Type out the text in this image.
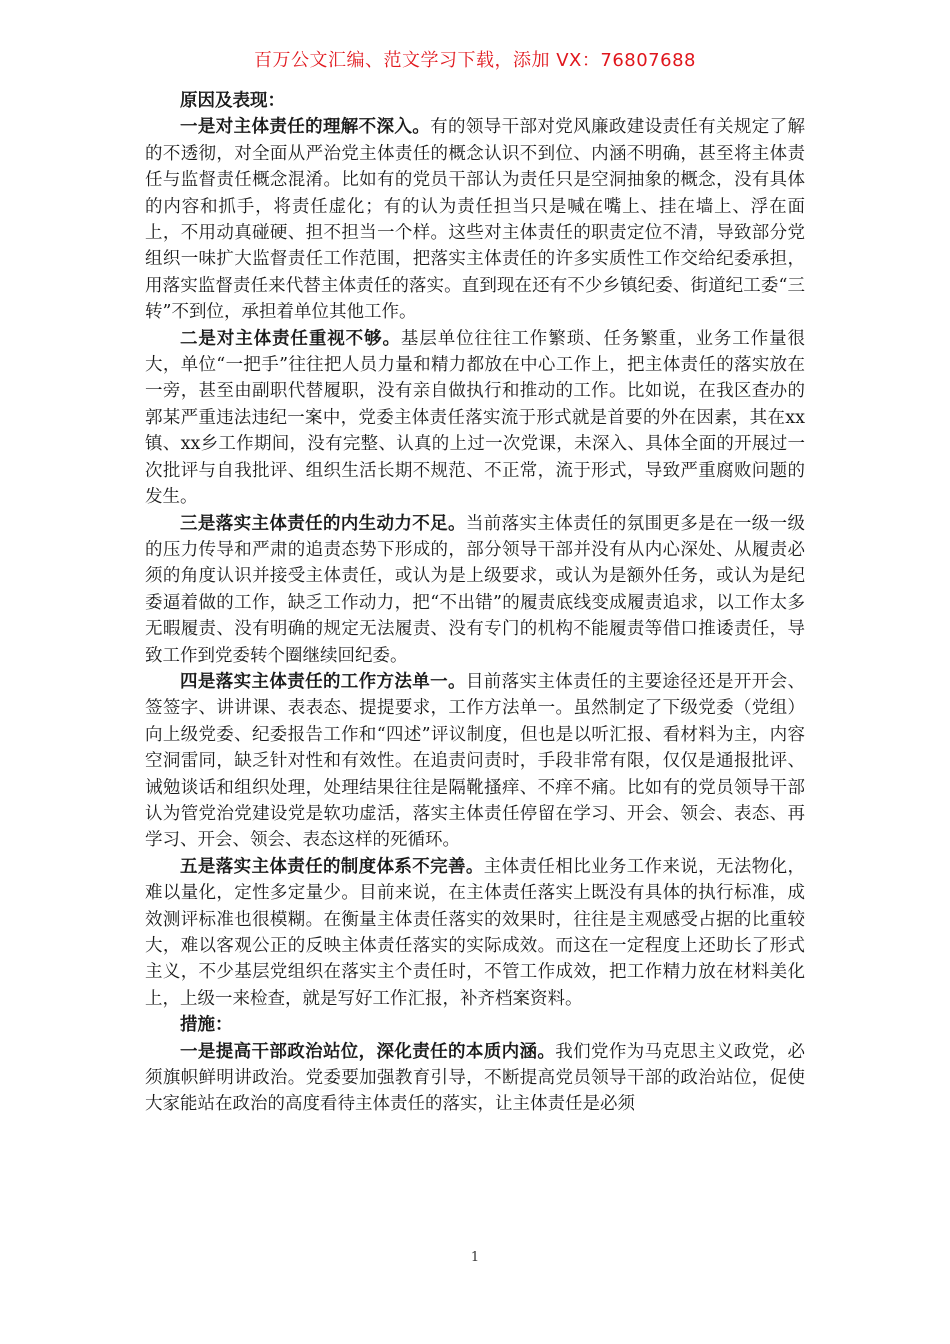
百万公文汇编、范文学习下载，添加 VX：76807688

原因及表现：

一是对主体责任的理解不深入。有的领导干部对党风廉政建设责任有关规定了解的不透彻，对全面从严治党主体责任的概念认识不到位、内涵不明确，甚至将主体责任与监督责任概念混淆。比如有的党员干部认为责任只是空洞抽象的概念，没有具体的内容和抓手，将责任虚化；有的认为责任担当只是喊在嘴上、挂在墙上、浮在面上，不用动真碰硬、担不担当一个样。这些对主体责任的职责定位不清，导致部分党组织一味扩大监督责任工作范围，把落实主体责任的许多实质性工作交给纪委承担，用落实监督责任来代替主体责任的落实。直到现在还有不少乡镇纪委、街道纪工委“三转”不到位，承担着单位其他工作。

二是对主体责任重视不够。基层单位往往工作繁琐、任务繁重，业务工作量很大，单位“一把手”往往把人员力量和精力都放在中心工作上，把主体责任的落实放在一旁，甚至由副职代替履职，没有亲自做执行和推动的工作。比如说，在我区查办的郭某严重违法违纪一案中，党委主体责任落实流于形式就是首要的外在因素，其在xx镇、xx乡工作期间，没有完整、认真的上过一次党课，未深入、具体全面的开展过一次批评与自我批评、组织生活长期不规范、不正常，流于形式，导致严重腐败问题的发生。

三是落实主体责任的内生动力不足。当前落实主体责任的氛围更多是在一级一级的压力传导和严肃的追责态势下形成的，部分领导干部并没有从内心深处、从履责必须的角度认识并接受主体责任，或认为是上级要求，或认为是额外任务，或认为是纪委逼着做的工作，缺乏工作动力，把“不出错”的履责底线变成履责追求，以工作太多无暇履责、没有明确的规定无法履责、没有专门的机构不能履责等借口推诿责任，导致工作到党委转个圈继续回纪委。

四是落实主体责任的工作方法单一。目前落实主体责任的主要途径还是开开会、签签字、讲讲课、表表态、提提要求，工作方法单一。虽然制定了下级党委（党组）向上级党委、纪委报告工作和“四述”评议制度，但也是以听汇报、看材料为主，内容空洞雷同，缺乏针对性和有效性。在追责问责时，手段非常有限，仅仅是通报批评、诫勉谈话和组织处理，处理结果往往是隔靴搔痒、不痒不痛。比如有的党员领导干部认为管党治党建设党是软功虚活，落实主体责任停留在学习、开会、领会、表态、再学习、开会、领会、表态这样的死循环。

五是落实主体责任的制度体系不完善。主体责任相比业务工作来说，无法物化，难以量化，定性多定量少。目前来说，在主体责任落实上既没有具体的执行标准，成效测评标准也很模糊。在衡量主体责任落实的效果时，往往是主观感受占据的比重较大，难以客观公正的反映主体责任落实的实际成效。而这在一定程度上还助长了形式主义，不少基层党组织在落实主个责任时，不管工作成效，把工作精力放在材料美化上，上级一来检查，就是写好工作汇报，补齐档案资料。

措施：

一是提高干部政治站位，深化责任的本质内涵。我们党作为马克思主义政党，必须旗帜鲜明讲政治。党委要加强教育引导，不断提高党员领导干部的政治站位，促使大家能站在政治的高度看待主体责任的落实，让主体责任是必须

1
